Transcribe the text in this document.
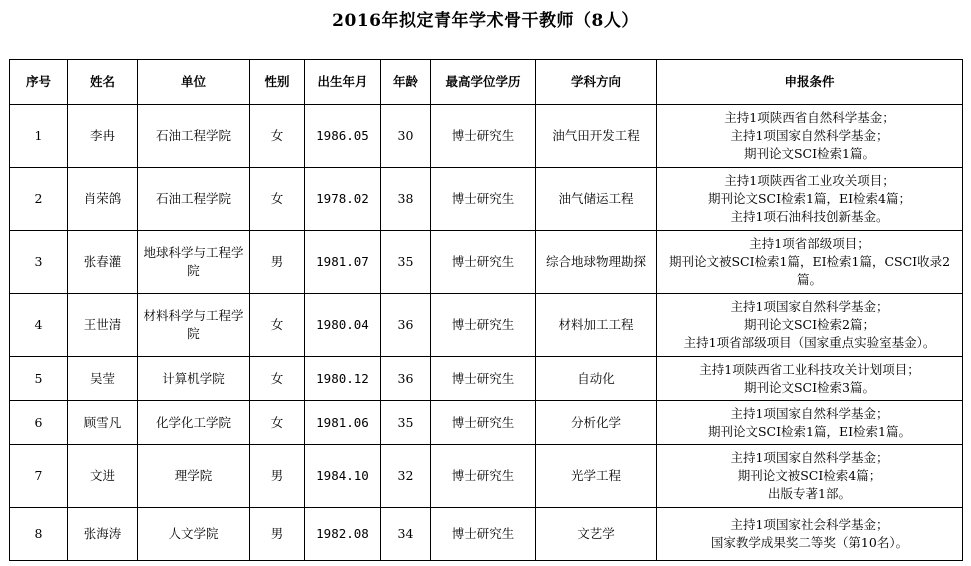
2016年拟定青年学术骨干教师（8人）
序号	姓名	单位	性别	出生年月	年龄	最高学位学历	学科方向	申报条件
1	李冉	石油工程学院	女	1986.05	30	博士研究生	油气田开发工程	主持1项陕西省自然科学基金；
主持1项国家自然科学基金；
期刊论文SCI检索1篇。

2	肖荣鸽	石油工程学院	女	1978.02	38	博士研究生	油气储运工程	主持1项陕西省工业攻关项目；
期刊论文SCI检索1篇，EI检索4篇；
主持1项石油科技创新基金。

3	张春灌	地球科学与工程学院	男	1981.07	35	博士研究生	综合地球物理勘探	主持1项省部级项目；
期刊论文被SCI检索1篇，EI检索1篇，CSCI收录2篇。

4	王世清	材料科学与工程学院	女	1980.04	36	博士研究生	材料加工工程	主持1项国家自然科学基金；
期刊论文SCI检索2篇；
主持1项省部级项目（国家重点实验室基金）。

5	吴莹	计算机学院	女	1980.12	36	博士研究生	自动化	主持1项陕西省工业科技攻关计划项目；
期刊论文SCI检索3篇。

6	顾雪凡	化学化工学院	女	1981.06	35	博士研究生	分析化学	主持1项国家自然科学基金；
期刊论文SCI检索1篇，EI检索1篇。

7	文进	理学院	男	1984.10	32	博士研究生	光学工程	主持1项国家自然科学基金；
期刊论文被SCI检索4篇；
出版专著1部。

8	张海涛	人文学院	男	1982.08	34	博士研究生	文艺学	主持1项国家社会科学基金；
国家教学成果奖二等奖（第10名）。
